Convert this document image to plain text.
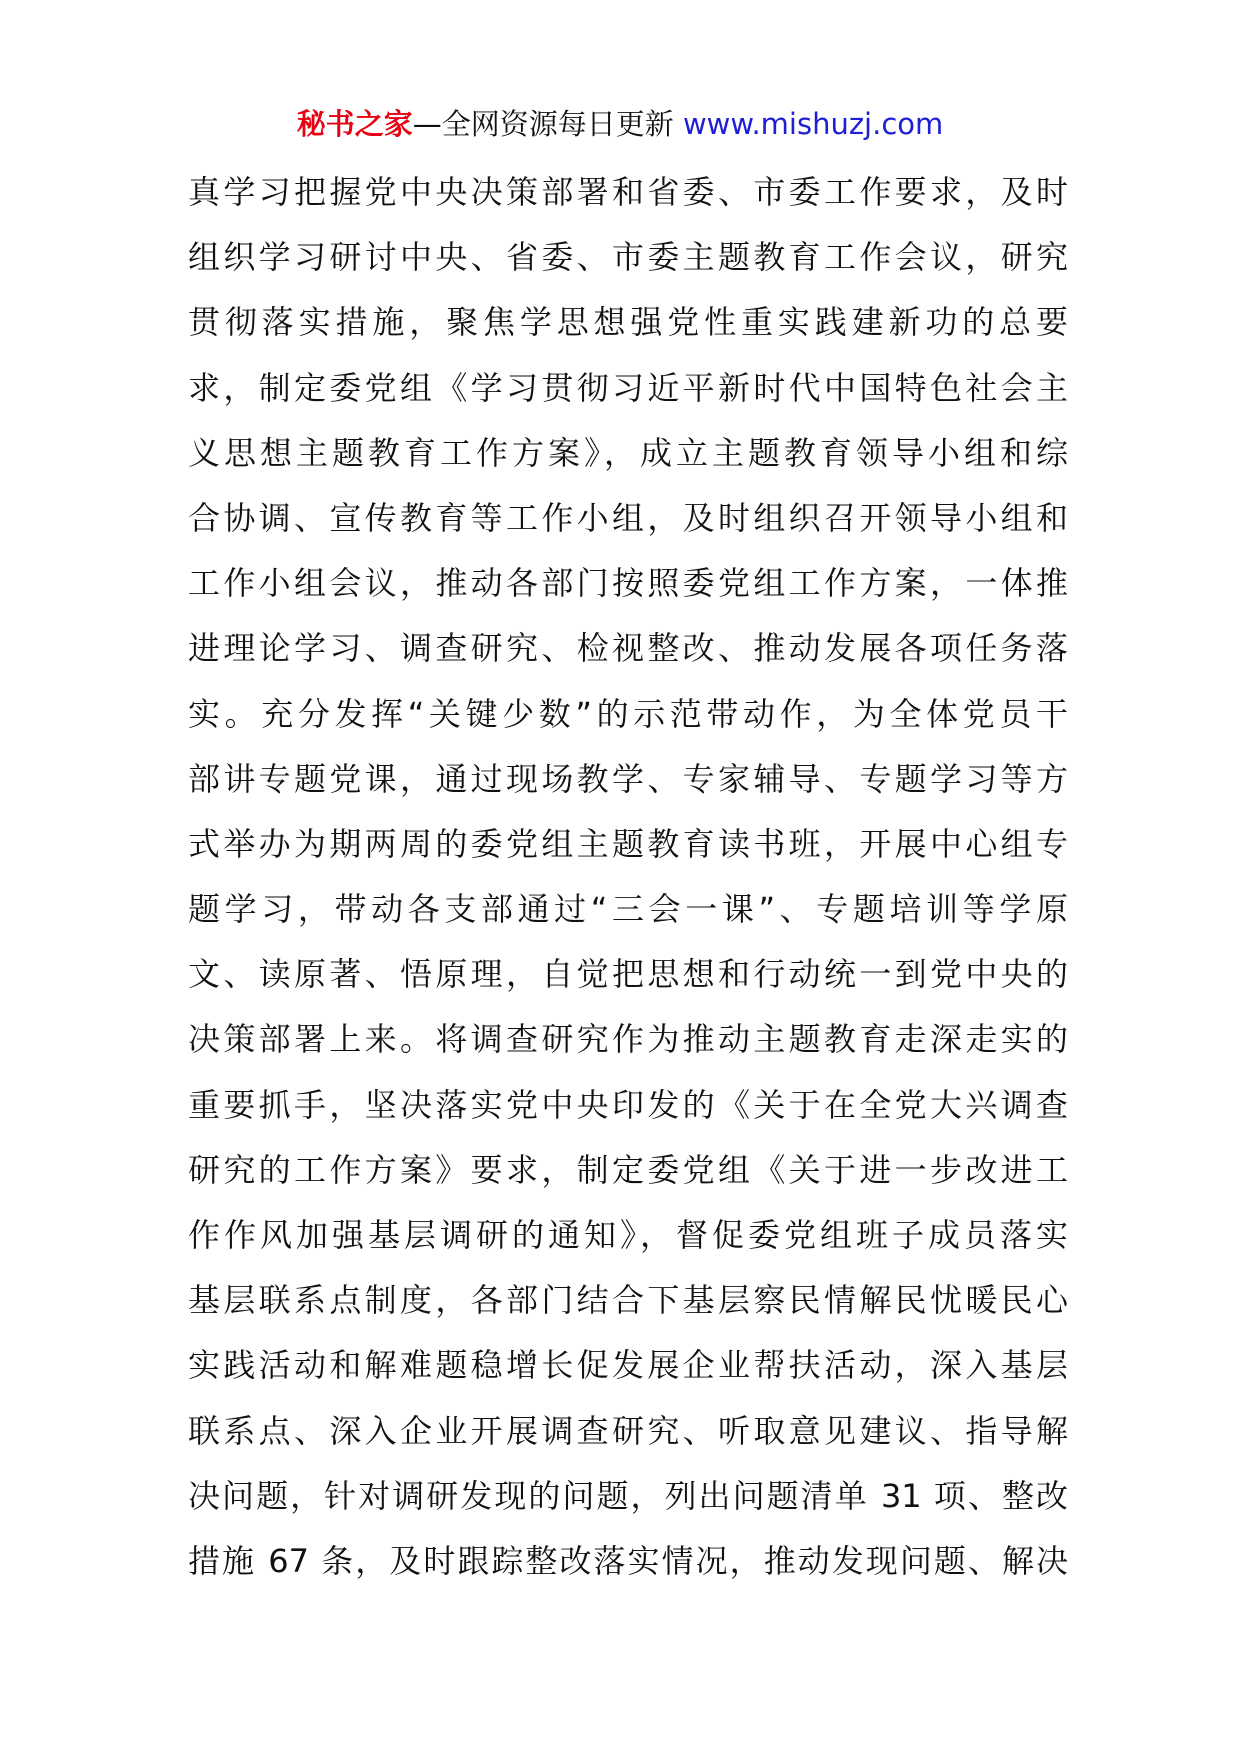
秘书之家—全网资源每日更新 www.mishuzj.com
真学习把握党中央决策部署和省委、市委工作要求，及时
组织学习研讨中央、省委、市委主题教育工作会议，研究
贯彻落实措施，聚焦学思想强党性重实践建新功的总要
求，制定委党组《学习贯彻习近平新时代中国特色社会主
义思想主题教育工作方案》，成立主题教育领导小组和综
合协调、宣传教育等工作小组，及时组织召开领导小组和
工作小组会议，推动各部门按照委党组工作方案，一体推
进理论学习、调查研究、检视整改、推动发展各项任务落
实。充分发挥“关键少数”的示范带动作，为全体党员干
部讲专题党课，通过现场教学、专家辅导、专题学习等方
式举办为期两周的委党组主题教育读书班，开展中心组专
题学习，带动各支部通过“三会一课”、专题培训等学原
文、读原著、悟原理，自觉把思想和行动统一到党中央的
决策部署上来。将调查研究作为推动主题教育走深走实的
重要抓手，坚决落实党中央印发的《关于在全党大兴调查
研究的工作方案》要求，制定委党组《关于进一步改进工
作作风加强基层调研的通知》，督促委党组班子成员落实
基层联系点制度，各部门结合下基层察民情解民忧暖民心
实践活动和解难题稳增长促发展企业帮扶活动，深入基层
联系点、深入企业开展调查研究、听取意见建议、指导解
决问题，针对调研发现的问题，列出问题清单 31 项、整改
措施 67 条，及时跟踪整改落实情况，推动发现问题、解决
